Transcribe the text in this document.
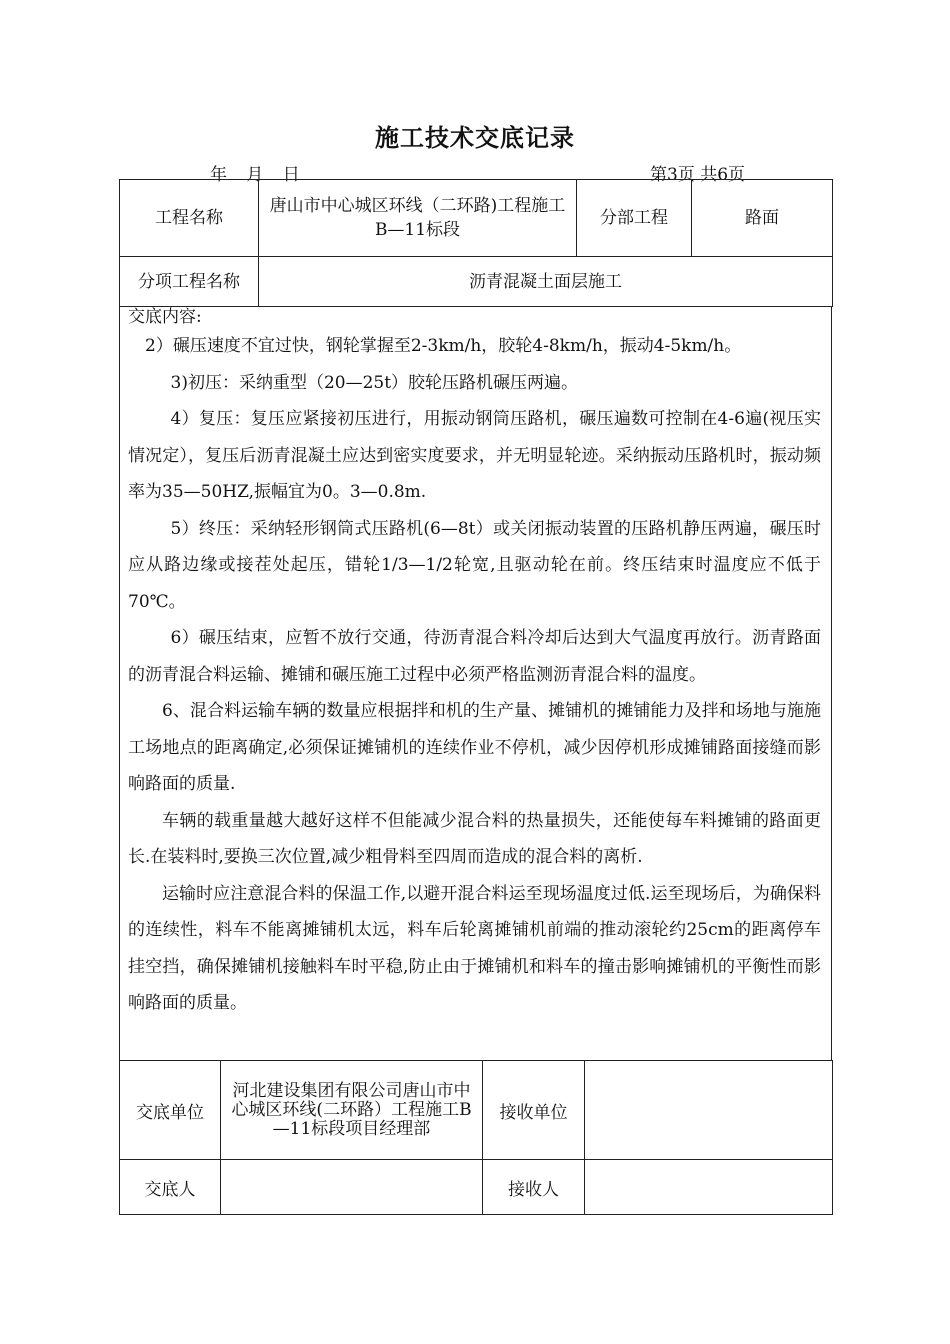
施工技术交底记录
年 月 日	第3页 共6页
工程名称	唐山市中心城区环线（二环路)工程施工B—11标段	分部工程	路面
分项工程名称	沥青混凝土面层施工		
交底内容:

2）碾压速度不宜过快，钢轮掌握至2-3km/h，胶轮4-8km/h，振动4-5km/h。

3)初压：采纳重型（20—25t）胶轮压路机碾压两遍。

4）复压：复压应紧接初压进行，用振动钢筒压路机，碾压遍数可控制在4-6遍(视压实情况定），复压后沥青混凝土应达到密实度要求，并无明显轮迹。采纳振动压路机时，振动频率为35—50HZ,振幅宜为0。3—0.8m.

5）终压：采纳轻形钢筒式压路机(6—8t）或关闭振动装置的压路机静压两遍，碾压时应从路边缘或接茬处起压，错轮1/3—1/2轮宽,且驱动轮在前。终压结束时温度应不低于70℃。

6）碾压结束，应暂不放行交通，待沥青混合料冷却后达到大气温度再放行。沥青路面的沥青混合料运输、摊铺和碾压施工过程中必须严格监测沥青混合料的温度。

6、混合料运输车辆的数量应根据拌和机的生产量、摊铺机的摊铺能力及拌和场地与施施工场地点的距离确定,必须保证摊铺机的连续作业不停机，减少因停机形成摊铺路面接缝而影响路面的质量.

车辆的载重量越大越好这样不但能减少混合料的热量损失，还能使每车料摊铺的路面更长.在装料时,要换三次位置,减少粗骨料至四周而造成的混合料的离析.

运输时应注意混合料的保温工作,以避开混合料运至现场温度过低.运至现场后，为确保料的连续性，料车不能离摊铺机太远，料车后轮离摊铺机前端的推动滚轮约25cm的距离停车挂空挡，确保摊铺机接触料车时平稳,防止由于摊铺机和料车的撞击影响摊铺机的平衡性而影响路面的质量。

交底单位	河北建设集团有限公司唐山市中心城区环线(二环路）工程施工B—11标段项目经理部	接收单位	
交底人		接收人	
